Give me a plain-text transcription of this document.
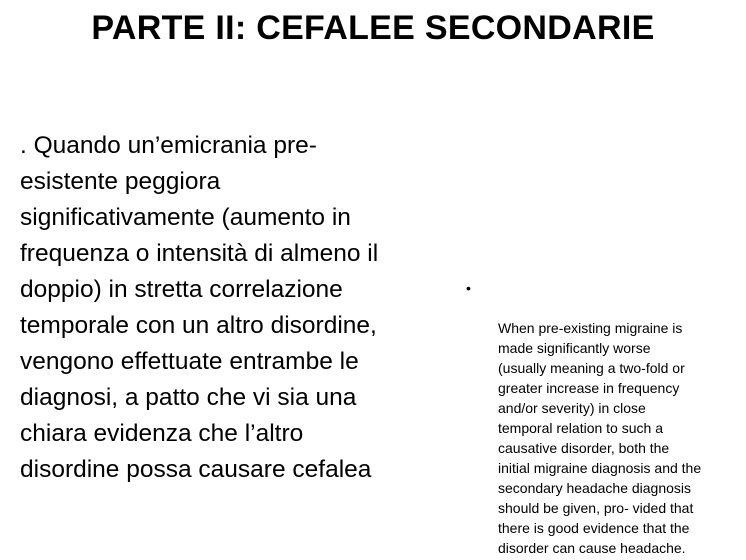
PARTE II: CEFALEE SECONDARIE
. Quando un’emicrania pre-
esistente peggiora
significativamente (aumento in
frequenza o intensità di almeno il
doppio) in stretta correlazione
temporale con un altro disordine,
vengono effettuate entrambe le
diagnosi, a patto che vi sia una
chiara evidenza che l’altro
disordine possa causare cefalea

•

When pre-existing migraine is
made significantly worse
(usually meaning a two-fold or
greater increase in frequency
and/or severity) in close
temporal relation to such a
causative disorder, both the
initial migraine diagnosis and the
secondary headache diagnosis
should be given, pro- vided that
there is good evidence that the
disorder can cause headache.
